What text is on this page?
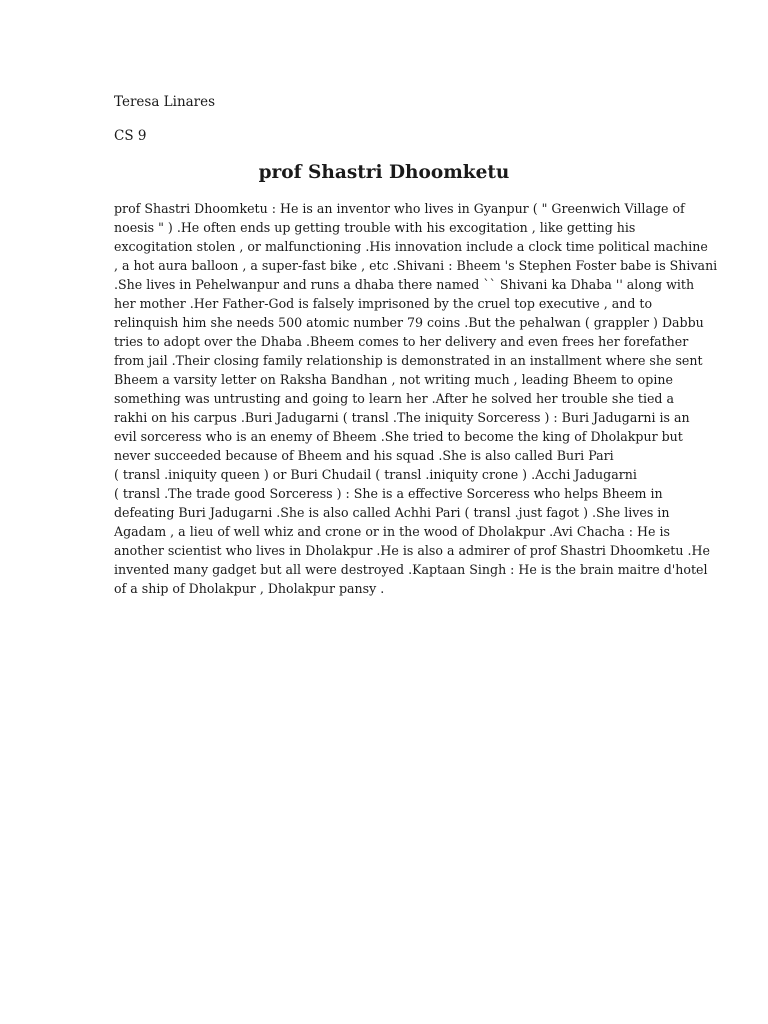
Teresa Linares
CS 9
prof Shastri Dhoomketu
prof Shastri Dhoomketu : He is an inventor who lives in Gyanpur ( " Greenwich Village of
noesis " ) .He often ends up getting trouble with his excogitation , like getting his
excogitation stolen , or malfunctioning .His innovation include a clock time political machine
, a hot aura balloon , a super-fast bike , etc .Shivani : Bheem 's Stephen Foster babe is Shivani
.She lives in Pehelwanpur and runs a dhaba there named `` Shivani ka Dhaba '' along with
her mother .Her Father-God is falsely imprisoned by the cruel top executive , and to
relinquish him she needs 500 atomic number 79 coins .But the pehalwan ( grappler ) Dabbu
tries to adopt over the Dhaba .Bheem comes to her delivery and even frees her forefather
from jail .Their closing family relationship is demonstrated in an installment where she sent
Bheem a varsity letter on Raksha Bandhan , not writing much , leading Bheem to opine
something was untrusting and going to learn her .After he solved her trouble she tied a
rakhi on his carpus .Buri Jadugarni ( transl .The iniquity Sorceress ) : Buri Jadugarni is an
evil sorceress who is an enemy of Bheem .She tried to become the king of Dholakpur but
never succeeded because of Bheem and his squad .She is also called Buri Pari
( transl .iniquity queen ) or Buri Chudail ( transl .iniquity crone ) .Acchi Jadugarni
( transl .The trade good Sorceress ) : She is a effective Sorceress who helps Bheem in
defeating Buri Jadugarni .She is also called Achhi Pari ( transl .just fagot ) .She lives in
Agadam , a lieu of well whiz and crone or in the wood of Dholakpur .Avi Chacha : He is
another scientist who lives in Dholakpur .He is also a admirer of prof Shastri Dhoomketu .He
invented many gadget but all were destroyed .Kaptaan Singh : He is the brain maitre d'hotel
of a ship of Dholakpur , Dholakpur pansy .
